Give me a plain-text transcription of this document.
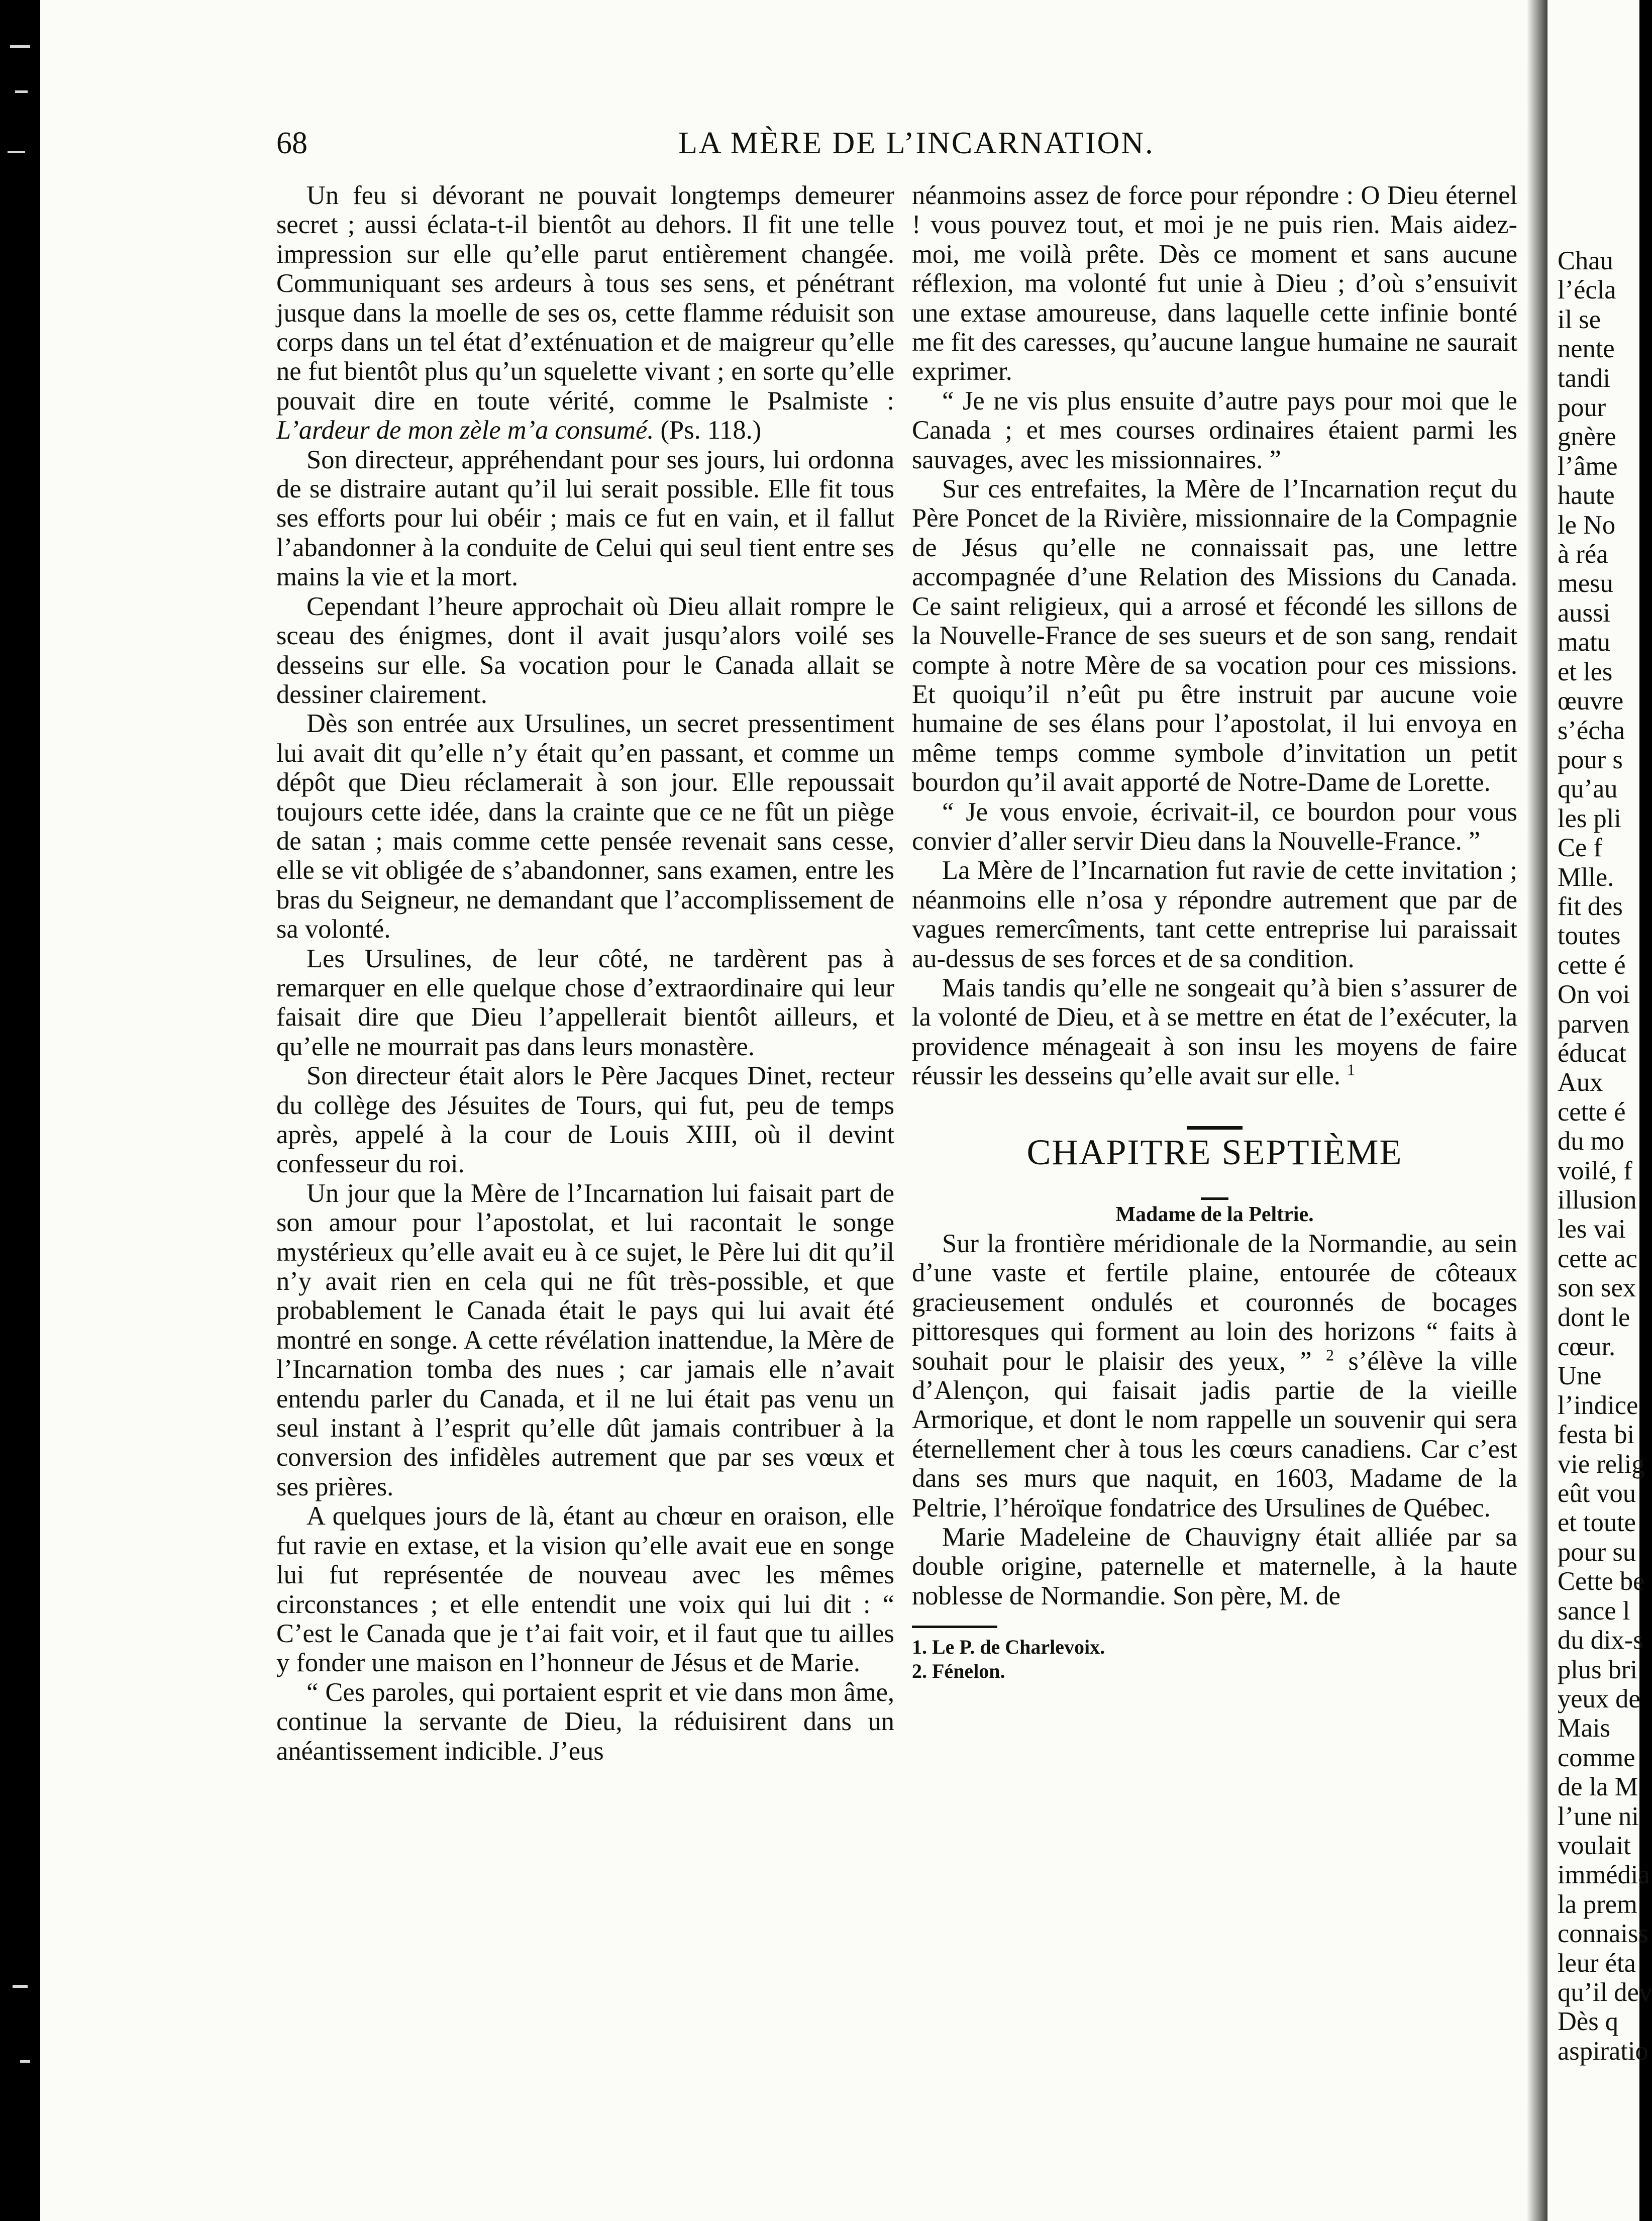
68	LA MÈRE DE L’INCARNATION.

Un feu si dévorant ne pouvait longtemps demeurer secret ; aussi éclata-t-il bientôt au dehors. Il fit une telle impression sur elle qu’elle parut entièrement changée. Communiquant ses ardeurs à tous ses sens, et pénétrant jusque dans la moelle de ses os, cette flamme réduisit son corps dans un tel état d’exténuation et de maigreur qu’elle ne fut bientôt plus qu’un squelette vivant ; en sorte qu’elle pouvait dire en toute vérité, comme le Psalmiste : L’ardeur de mon zèle m’a consumé. (Ps. 118.)

Son directeur, appréhendant pour ses jours, lui ordonna de se distraire autant qu’il lui serait possible. Elle fit tous ses efforts pour lui obéir ; mais ce fut en vain, et il fallut l’abandonner à la conduite de Celui qui seul tient entre ses mains la vie et la mort.

Cependant l’heure approchait où Dieu allait rompre le sceau des énigmes, dont il avait jusqu’alors voilé ses desseins sur elle. Sa vocation pour le Canada allait se dessiner clairement.

Dès son entrée aux Ursulines, un secret pressentiment lui avait dit qu’elle n’y était qu’en passant, et comme un dépôt que Dieu réclamerait à son jour. Elle repoussait toujours cette idée, dans la crainte que ce ne fût un piège de satan ; mais comme cette pensée revenait sans cesse, elle se vit obligée de s’abandonner, sans examen, entre les bras du Seigneur, ne demandant que l’accomplissement de sa volonté.

Les Ursulines, de leur côté, ne tardèrent pas à remarquer en elle quelque chose d’extraordinaire qui leur faisait dire que Dieu l’appellerait bientôt ailleurs, et qu’elle ne mourrait pas dans leurs monastère.

Son directeur était alors le Père Jacques Dinet, recteur du collège des Jésuites de Tours, qui fut, peu de temps après, appelé à la cour de Louis XIII, où il devint confesseur du roi.

Un jour que la Mère de l’Incarnation lui faisait part de son amour pour l’apostolat, et lui racontait le songe mystérieux qu’elle avait eu à ce sujet, le Père lui dit qu’il n’y avait rien en cela qui ne fût très-possible, et que probablement le Canada était le pays qui lui avait été montré en songe. A cette révélation inattendue, la Mère de l’Incarnation tomba des nues ; car jamais elle n’avait entendu parler du Canada, et il ne lui était pas venu un seul instant à l’esprit qu’elle dût jamais contribuer à la conversion des infidèles autrement que par ses vœux et ses prières.

A quelques jours de là, étant au chœur en oraison, elle fut ravie en extase, et la vision qu’elle avait eue en songe lui fut représentée de nouveau avec les mêmes circonstances ; et elle entendit une voix qui lui dit : “ C’est le Canada que je t’ai fait voir, et il faut que tu ailles y fonder une maison en l’honneur de Jésus et de Marie.

“ Ces paroles, qui portaient esprit et vie dans mon âme, continue la servante de Dieu, la réduisirent dans un anéantissement indicible. J’eus

néanmoins assez de force pour répondre : O Dieu éternel ! vous pouvez tout, et moi je ne puis rien. Mais aidez-moi, me voilà prête. Dès ce moment et sans aucune réflexion, ma volonté fut unie à Dieu ; d’où s’ensuivit une extase amoureuse, dans laquelle cette infinie bonté me fit des caresses, qu’aucune langue humaine ne saurait exprimer.

“ Je ne vis plus ensuite d’autre pays pour moi que le Canada ; et mes courses ordinaires étaient parmi les sauvages, avec les missionnaires. ”

Sur ces entrefaites, la Mère de l’Incarnation reçut du Père Poncet de la Rivière, missionnaire de la Compagnie de Jésus qu’elle ne connaissait pas, une lettre accompagnée d’une Relation des Missions du Canada. Ce saint religieux, qui a arrosé et fécondé les sillons de la Nouvelle-France de ses sueurs et de son sang, rendait compte à notre Mère de sa vocation pour ces missions. Et quoiqu’il n’eût pu être instruit par aucune voie humaine de ses élans pour l’apostolat, il lui envoya en même temps comme symbole d’invitation un petit bourdon qu’il avait apporté de Notre-Dame de Lorette.

“ Je vous envoie, écrivait-il, ce bourdon pour vous convier d’aller servir Dieu dans la Nouvelle-France. ”

La Mère de l’Incarnation fut ravie de cette invitation ; néanmoins elle n’osa y répondre autrement que par de vagues remercîments, tant cette entreprise lui paraissait au-dessus de ses forces et de sa condition.

Mais tandis qu’elle ne songeait qu’à bien s’assurer de la volonté de Dieu, et à se mettre en état de l’exécuter, la providence ménageait à son insu les moyens de faire réussir les desseins qu’elle avait sur elle. $^1$

CHAPITRE SEPTIÈME

Madame de la Peltrie.

Sur la frontière méridionale de la Normandie, au sein d’une vaste et fertile plaine, entourée de côteaux gracieusement ondulés et couronnés de bocages pittoresques qui forment au loin des horizons “ faits à souhait pour le plaisir des yeux, ” $^2$ s’élève la ville d’Alençon, qui faisait jadis partie de la vieille Armorique, et dont le nom rappelle un souvenir qui sera éternellement cher à tous les cœurs canadiens. Car c’est dans ses murs que naquit, en 1603, Madame de la Peltrie, l’héroïque fondatrice des Ursulines de Québec.

Marie Madeleine de Chauvigny était alliée par sa double origine, paternelle et maternelle, à la haute noblesse de Normandie. Son père, M. de

1. Le P. de Charlevoix.

2. Fénelon.

Chau
l’écla
il se
nente
tandi
pour
gnère
l’âme
haute
le No
à réa
mesu
aussi
matu
et les
œuvre
s’écha
pour s
qu’au
les pli
Ce f
Mlle.
fit des
toutes
cette é
On voi
parven
éducat
Aux
cette é
du mo
voilé, f
illusion
les vai
cette ac
son sex
dont le
cœur.
Une
l’indice
festa bi
vie relig
eût vou
et toute
pour su
Cette be
sance l
du dix-s
plus bri
yeux de
Mais
comme
de la M
l’une ni
voulait
immédia
la prem
connaiss
leur éta
qu’il dev
Dès q
aspiratio
